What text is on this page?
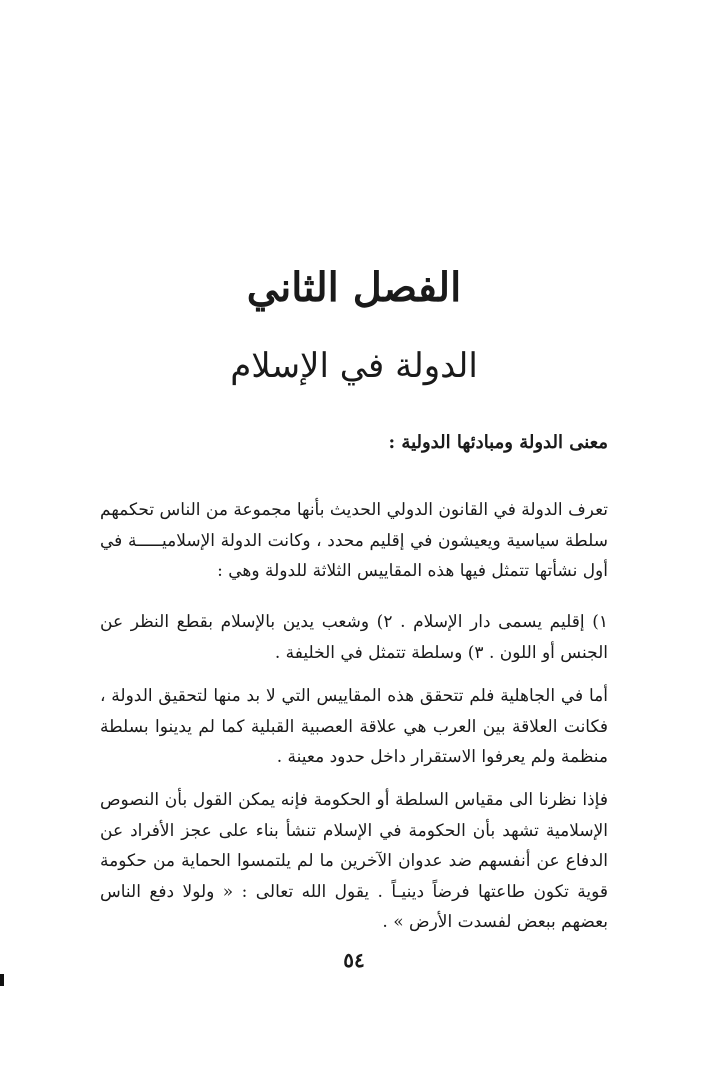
الفصل الثاني
الدولة في الإسلام
معنى الدولة ومبادئها الدولية :

تعرف الدولة في القانون الدولي الحديث بأنها مجموعة من الناس تحكمهم سلطة سياسية ويعيشون في إقليم محدد ، وكانت الدولة الإسلاميـــــة في أول نشأتها تتمثل فيها هذه المقاييس الثلاثة للدولة وهي :

١) إقليم يسمى دار الإسلام . ٢) وشعب يدين بالإسلام بقطع النظر عن الجنس أو اللون . ٣) وسلطة تتمثل في الخليفة .

أما في الجاهلية فلم تتحقق هذه المقاييس التي لا بد منها لتحقيق الدولة ، فكانت العلاقة بين العرب هي علاقة العصبية القبلية كما لم يدينوا بسلطة منظمة ولم يعرفوا الاستقرار داخل حدود معينة .

فإذا نظرنا الى مقياس السلطة أو الحكومة فإنه يمكن القول بأن النصوص الإسلامية تشهد بأن الحكومة في الإسلام تنشأ بناء على عجز الأفراد عن الدفاع عن أنفسهم ضد عدوان الآخرين ما لم يلتمسوا الحماية من حكومة قوية تكون طاعتها فرضاً دينيـاً . يقول الله تعالى : « ولولا دفع الناس بعضهم ببعض لفسدت الأرض » .

٥٤
